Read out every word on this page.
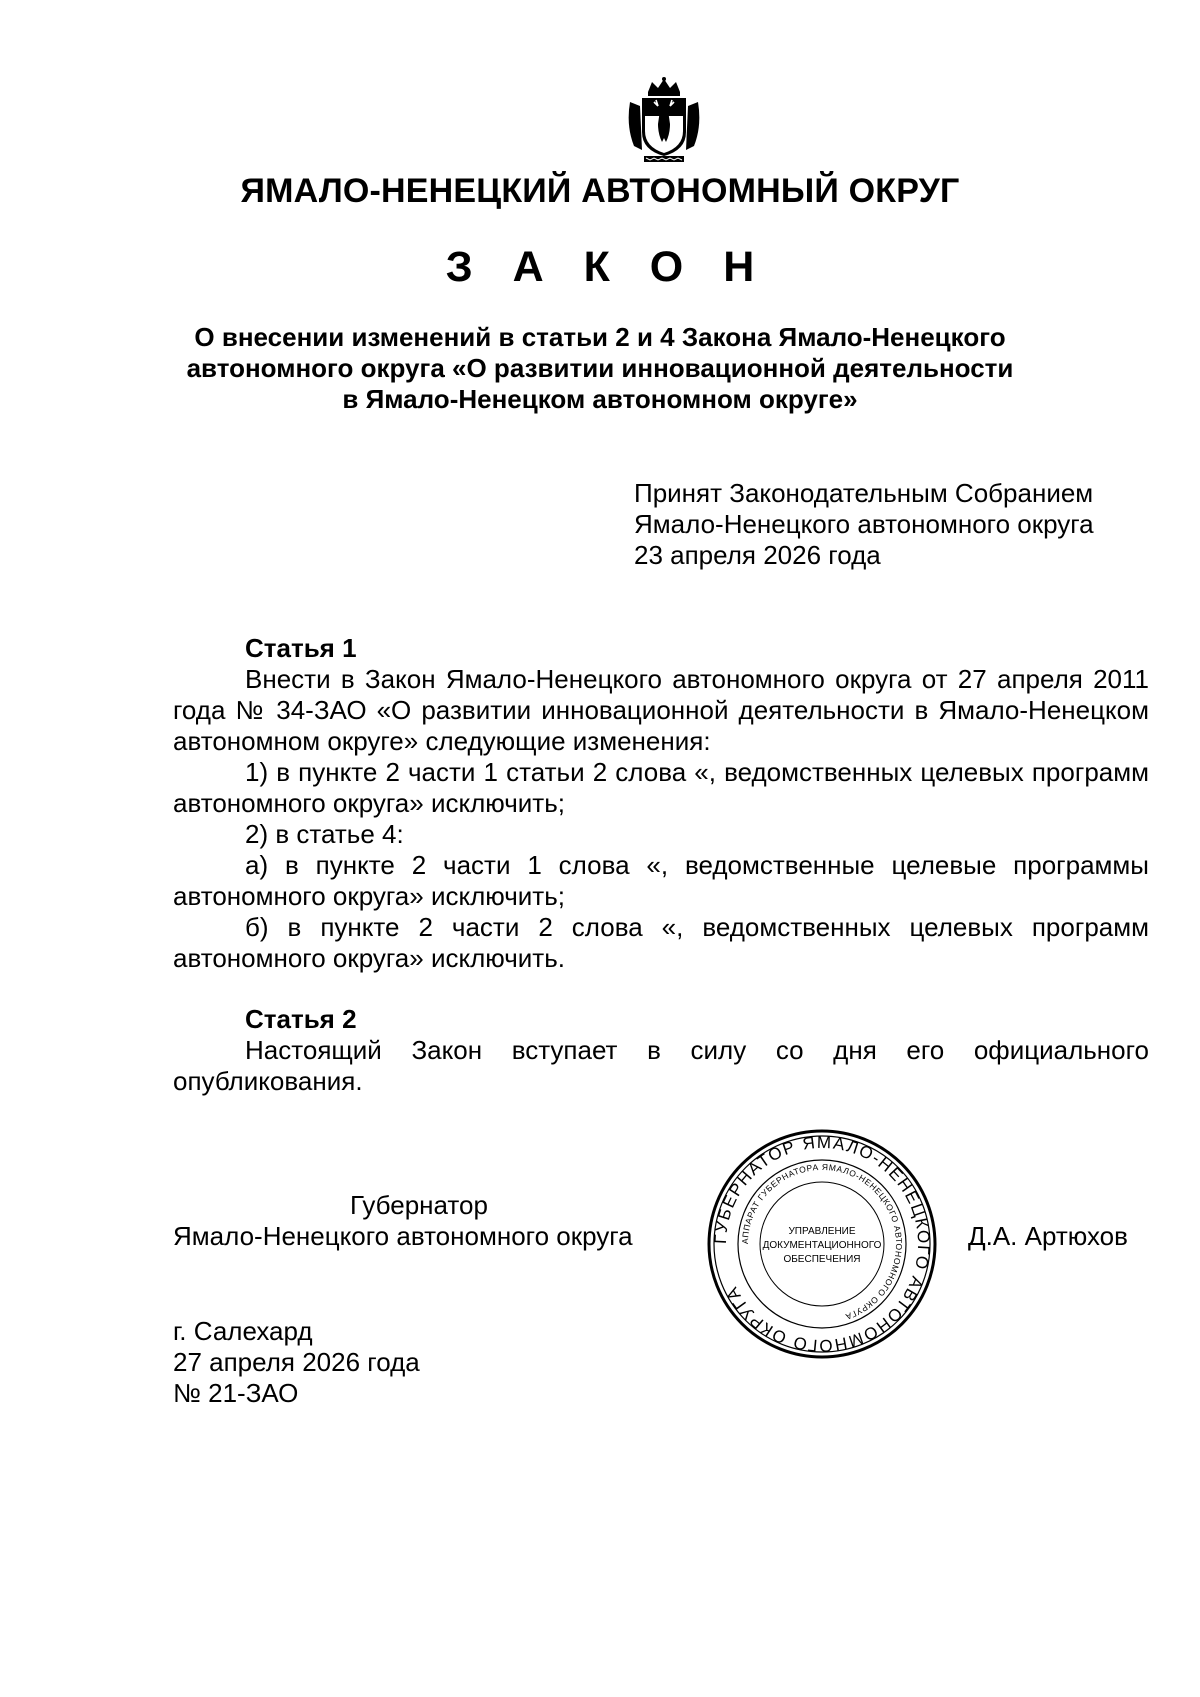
ЯМАЛО-НЕНЕЦКИЙ АВТОНОМНЫЙ ОКРУГ
З А К О Н
О внесении изменений в статьи 2 и 4 Закона Ямало-Ненецкого
автономного округа «О развитии инновационной деятельности
в Ямало-Ненецком автономном округе»
Принят Законодательным Собранием
Ямало-Ненецкого автономного округа
23 апреля 2026 года
Статья 1

Внести в Закон Ямало-Ненецкого автономного округа от 27 апреля 2011 года № 34-ЗАО «О развитии инновационной деятельности в Ямало-Ненецком автономном округе» следующие изменения:

1) в пункте 2 части 1 статьи 2 слова «, ведомственных целевых программ автономного округа» исключить;

2) в статье 4:

а) в пункте 2 части 1 слова «, ведомственные целевые программы автономного округа» исключить;

б) в пункте 2 части 2 слова «, ведомственных целевых программ автономного округа» исключить.

Статья 2

Настоящий Закон вступает в силу со дня его официального опубликования.

Губернатор
Ямало-Ненецкого автономного округа	Д.А. Артюхов
ГУБЕРНАТОР ЯМАЛО-НЕНЕЦКОГО АВТОНОМНОГО ОКРУГА
АППАРАТ ГУБЕРНАТОРА ЯМАЛО-НЕНЕЦКОГО АВТОНОМНОГО ОКРУГА
УПРАВЛЕНИЕ
ДОКУМЕНТАЦИОННОГО
ОБЕСПЕЧЕНИЯ
г. Салехард
27 апреля 2026 года
№ 21-ЗАО
